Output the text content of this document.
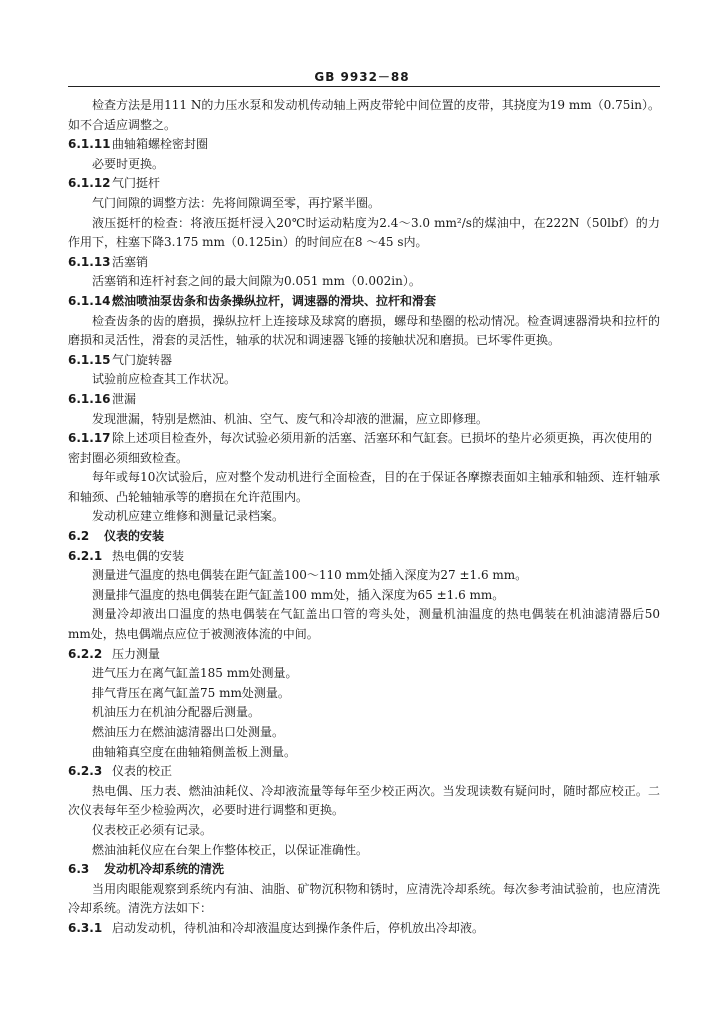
GB 9932－88

检查方法是用111 N的力压水泵和发动机传动轴上两皮带轮中间位置的皮带，其挠度为19 mm（0.75in）。如不合适应调整之。

6.1.11曲轴箱螺栓密封圈

必要时更换。

6.1.12气门挺杆

气门间隙的调整方法：先将间隙调至零，再拧紧半圈。

液压挺杆的检查：将液压挺杆浸入20℃时运动粘度为2.4～3.0 mm²/s的煤油中，在222N（50lbf）的力作用下，柱塞下降3.175 mm（0.125in）的时间应在8 ～45 s内。

6.1.13活塞销

活塞销和连杆衬套之间的最大间隙为0.051 mm（0.002in）。

6.1.14燃油喷油泵齿条和齿条操纵拉杆，调速器的滑块、拉杆和滑套

检查齿条的齿的磨损，操纵拉杆上连接球及球窝的磨损，螺母和垫圈的松动情况。检查调速器滑块和拉杆的磨损和灵活性，滑套的灵活性，轴承的状况和调速器飞锤的接触状况和磨损。已坏零件更换。

6.1.15气门旋转器

试验前应检查其工作状况。

6.1.16泄漏

发现泄漏，特别是燃油、机油、空气、废气和冷却液的泄漏，应立即修理。

6.1.17除上述项目检查外，每次试验必须用新的活塞、活塞环和气缸套。已损坏的垫片必须更换，再次使用的密封圈必须细致检查。

每年或每10次试验后，应对整个发动机进行全面检查，目的在于保证各摩擦表面如主轴承和轴颈、连杆轴承和轴颈、凸轮轴轴承等的磨损在允许范围内。

发动机应建立维修和测量记录档案。

6.2 仪表的安装

6.2.1 热电偶的安装

测量进气温度的热电偶装在距气缸盖100～110 mm处插入深度为27 ±1.6 mm。

测量排气温度的热电偶装在距气缸盖100 mm处，插入深度为65 ±1.6 mm。

测量冷却液出口温度的热电偶装在气缸盖出口管的弯头处，测量机油温度的热电偶装在机油滤清器后50 mm处，热电偶端点应位于被测液体流的中间。

6.2.2 压力测量

进气压力在离气缸盖185 mm处测量。

排气背压在离气缸盖75 mm处测量。

机油压力在机油分配器后测量。

燃油压力在燃油滤清器出口处测量。

曲轴箱真空度在曲轴箱侧盖板上测量。

6.2.3 仪表的校正

热电偶、压力表、燃油油耗仪、冷却液流量等每年至少校正两次。当发现读数有疑问时，随时都应校正。二次仪表每年至少检验两次，必要时进行调整和更换。

仪表校正必须有记录。

燃油油耗仪应在台架上作整体校正，以保证准确性。

6.3 发动机冷却系统的清洗

当用肉眼能观察到系统内有油、油脂、矿物沉积物和锈时，应清洗冷却系统。每次参考油试验前，也应清洗冷却系统。清洗方法如下：

6.3.1 启动发动机，待机油和冷却液温度达到操作条件后，停机放出冷却液。
